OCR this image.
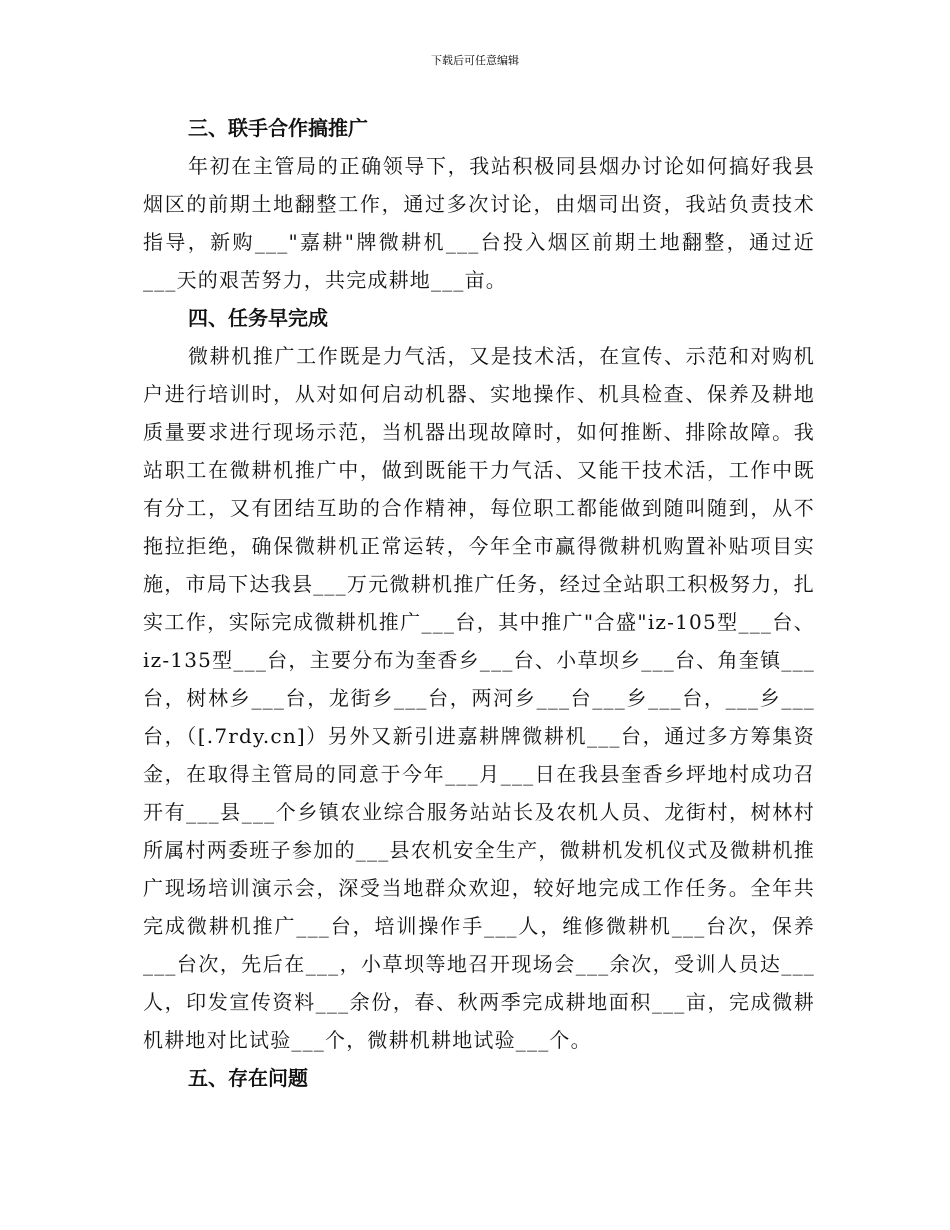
下载后可任意编辑
三、联手合作搞推广

年初在主管局的正确领导下，我站积极同县烟办讨论如何搞好我县烟区的前期土地翻整工作，通过多次讨论，由烟司出资，我站负责技术指导，新购___"嘉耕"牌微耕机___台投入烟区前期土地翻整，通过近___天的艰苦努力，共完成耕地___亩。

四、任务早完成

微耕机推广工作既是力气活，又是技术活，在宣传、示范和对购机户进行培训时，从对如何启动机器、实地操作、机具检查、保养及耕地质量要求进行现场示范，当机器出现故障时，如何推断、排除故障。我站职工在微耕机推广中，做到既能干力气活、又能干技术活，工作中既有分工，又有团结互助的合作精神，每位职工都能做到随叫随到，从不拖拉拒绝，确保微耕机正常运转，今年全市赢得微耕机购置补贴项目实施，市局下达我县___万元微耕机推广任务，经过全站职工积极努力，扎实工作，实际完成微耕机推广___台，其中推广"合盛"iz-105型___台、iz-135型___台，主要分布为奎香乡___台、小草坝乡___台、角奎镇___台，树林乡___台，龙街乡___台，两河乡___台___乡___台，___乡___台，（[.7rdy.cn]）另外又新引进嘉耕牌微耕机___台，通过多方筹集资金，在取得主管局的同意于今年___月___日在我县奎香乡坪地村成功召开有___县___个乡镇农业综合服务站站长及农机人员、龙街村，树林村所属村两委班子参加的___县农机安全生产，微耕机发机仪式及微耕机推广现场培训演示会，深受当地群众欢迎，较好地完成工作任务。全年共完成微耕机推广___台，培训操作手___人，维修微耕机___台次，保养___台次，先后在___，小草坝等地召开现场会___余次，受训人员达___人，印发宣传资料___余份，春、秋两季完成耕地面积___亩，完成微耕机耕地对比试验___个，微耕机耕地试验___个。

五、存在问题
